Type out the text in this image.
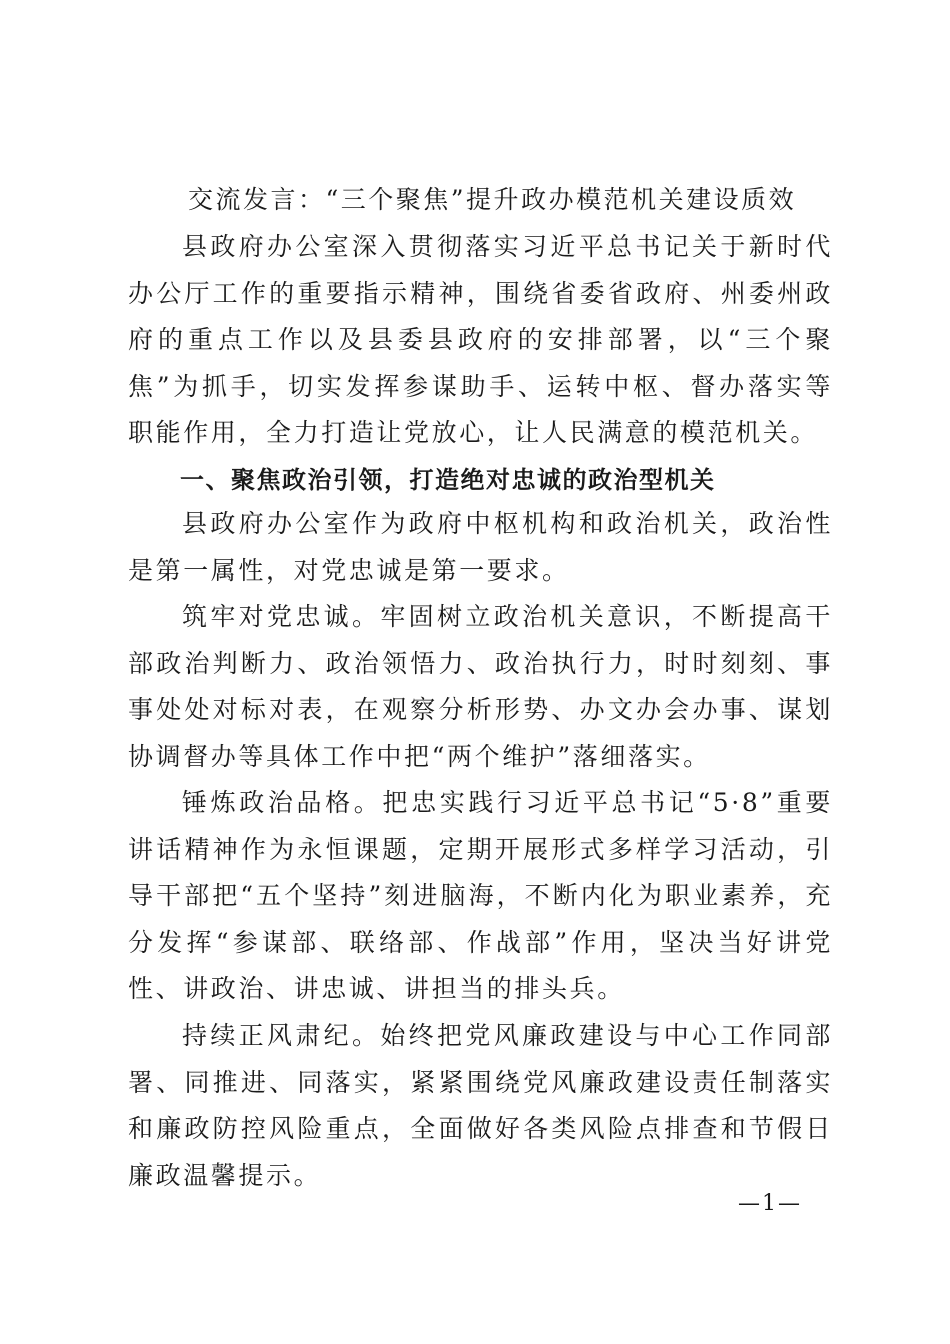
交流发言：“三个聚焦”提升政办模范机关建设质效

县政府办公室深入贯彻落实习近平总书记关于新时代办公厅工作的重要指示精神，围绕省委省政府、州委州政府的重点工作以及县委县政府的安排部署，以“三个聚焦”为抓手，切实发挥参谋助手、运转中枢、督办落实等职能作用，全力打造让党放心，让人民满意的模范机关。

一、聚焦政治引领，打造绝对忠诚的政治型机关

县政府办公室作为政府中枢机构和政治机关，政治性是第一属性，对党忠诚是第一要求。

筑牢对党忠诚。牢固树立政治机关意识，不断提高干部政治判断力、政治领悟力、政治执行力，时时刻刻、事事处处对标对表，在观察分析形势、办文办会办事、谋划协调督办等具体工作中把“两个维护”落细落实。

锤炼政治品格。把忠实践行习近平总书记“5·8”重要讲话精神作为永恒课题，定期开展形式多样学习活动，引导干部把“五个坚持”刻进脑海，不断内化为职业素养，充分发挥“参谋部、联络部、作战部”作用，坚决当好讲党性、讲政治、讲忠诚、讲担当的排头兵。

持续正风肃纪。始终把党风廉政建设与中心工作同部署、同推进、同落实，紧紧围绕党风廉政建设责任制落实和廉政防控风险重点，全面做好各类风险点排查和节假日廉政温馨提示。

—1—
